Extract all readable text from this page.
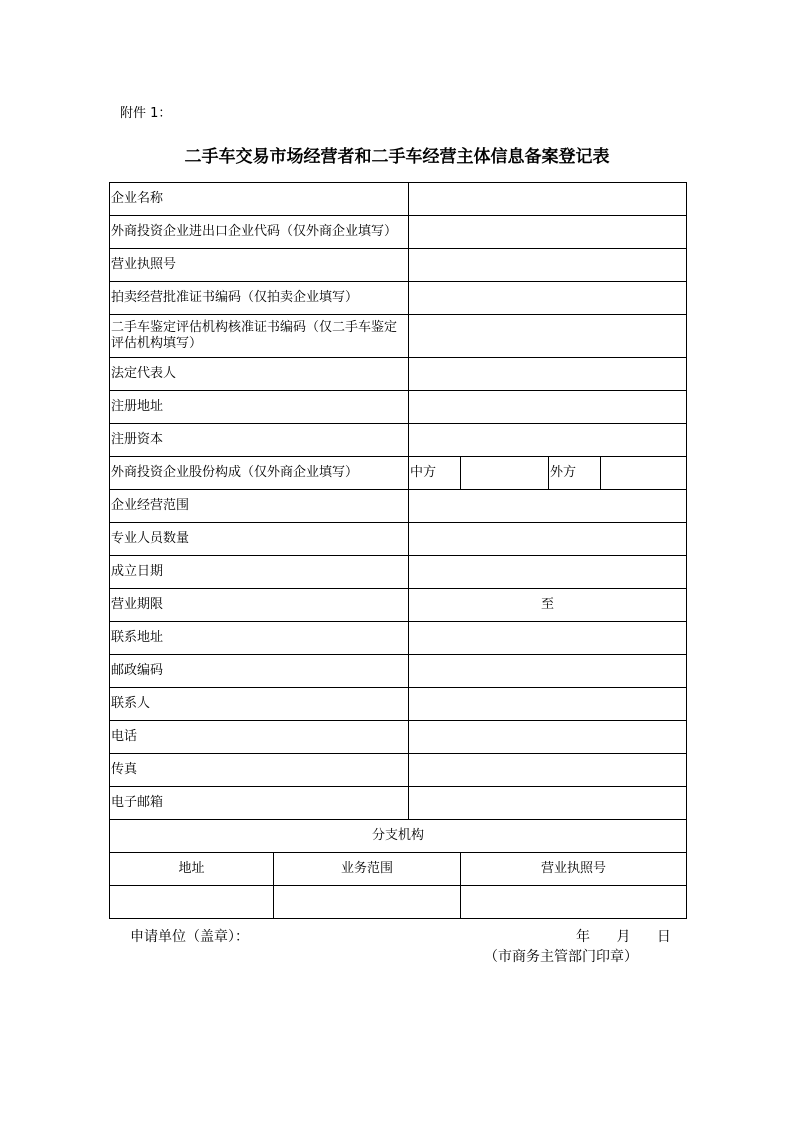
附件 1：
二手车交易市场经营者和二手车经营主体信息备案登记表
企业名称					
外商投资企业进出口企业代码（仅外商企业填写）					
营业执照号					
拍卖经营批准证书编码（仅拍卖企业填写）					
二手车鉴定评估机构核准证书编码（仅二手车鉴定评估机构填写）					
法定代表人					
注册地址					
注册资本					
外商投资企业股份构成（仅外商企业填写）		中方		外方	
企业经营范围					
专业人员数量					
成立日期					
营业期限		至			
联系地址					
邮政编码					
联系人					
电话					
传真					
电子邮箱					
分支机构					
地址	业务范围		营业执照号		

申请单位（盖章）：	年 月 日
（市商务主管部门印章）
